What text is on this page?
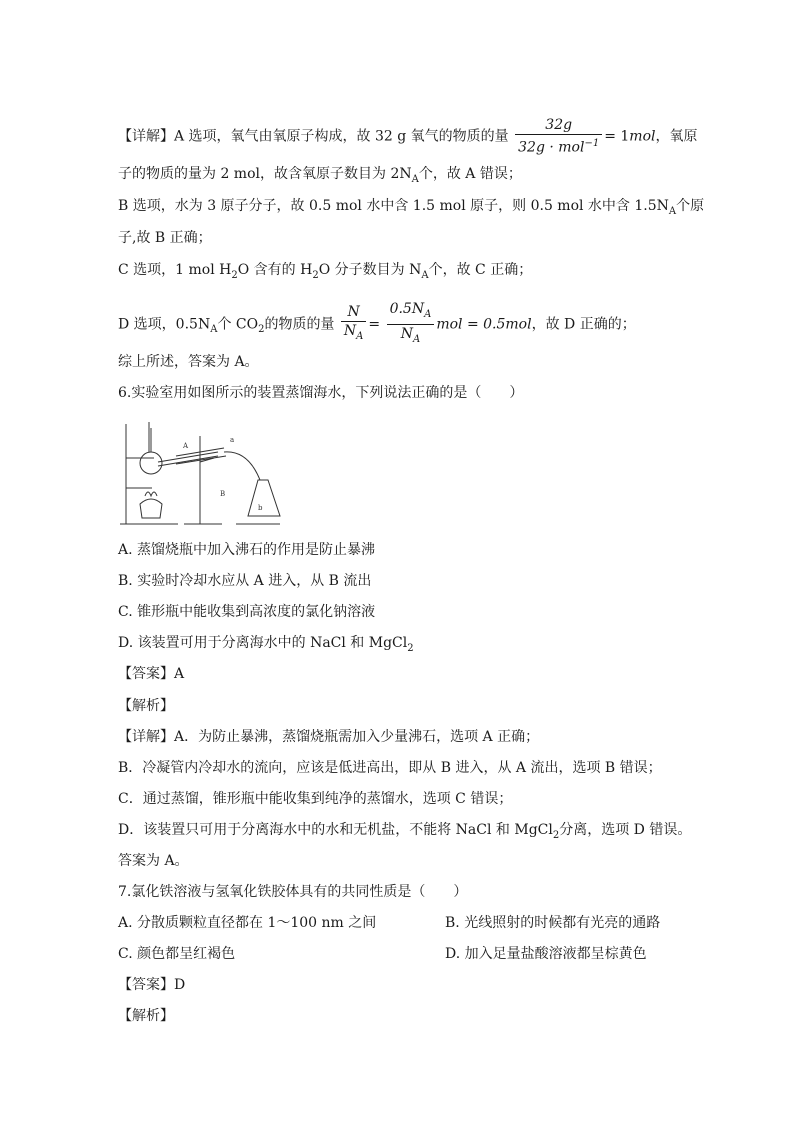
【详解】A 选项，氧气由氧原子构成，故 32 g 氧气的物质的量 $\frac{32g}{32g \cdot mol^{-1}} = 1mol$，氧原
子的物质的量为 2 mol，故含氧原子数目为 $2N_A$个，故 A 错误；
B 选项，水为 3 原子分子，故 0.5 mol 水中含 1.5 mol 原子，则 0.5 mol 水中含 $1.5N_A$个原
子,故 B 正确；
C 选项，1 mol $H_2O$ 含有的 $H_2O$ 分子数目为 $N_A$个，故 C 正确；
D 选项，$0.5N_A$个 $CO_2$的物质的量 $\frac{N}{N_A} = \frac{0.5N_A}{N_A}$ mol = 0.5mol，故 D 正确的；
综上所述，答案为 A。
6.实验室用如图所示的装置蒸馏海水，下列说法正确的是（　　）
A
B
a
b
A. 蒸馏烧瓶中加入沸石的作用是防止暴沸
B. 实验时冷却水应从 A 进入，从 B 流出
C. 锥形瓶中能收集到高浓度的氯化钠溶液
D. 该装置可用于分离海水中的 NaCl 和 MgCl$_2$
【答案】A
【解析】
【详解】A．为防止暴沸，蒸馏烧瓶需加入少量沸石，选项 A 正确；
B．冷凝管内冷却水的流向，应该是低进高出，即从 B 进入，从 A 流出，选项 B 错误；
C．通过蒸馏，锥形瓶中能收集到纯净的蒸馏水，选项 C 错误；
D．该装置只可用于分离海水中的水和无机盐，不能将 NaCl 和 MgCl$_2$分离，选项 D 错误。
答案为 A。
7.氯化铁溶液与氢氧化铁胶体具有的共同性质是（　　）
A. 分散质颗粒直径都在 1～100 nm 之间	B. 光线照射的时候都有光亮的通路
C. 颜色都呈红褐色	D. 加入足量盐酸溶液都呈棕黄色
【答案】D
【解析】
